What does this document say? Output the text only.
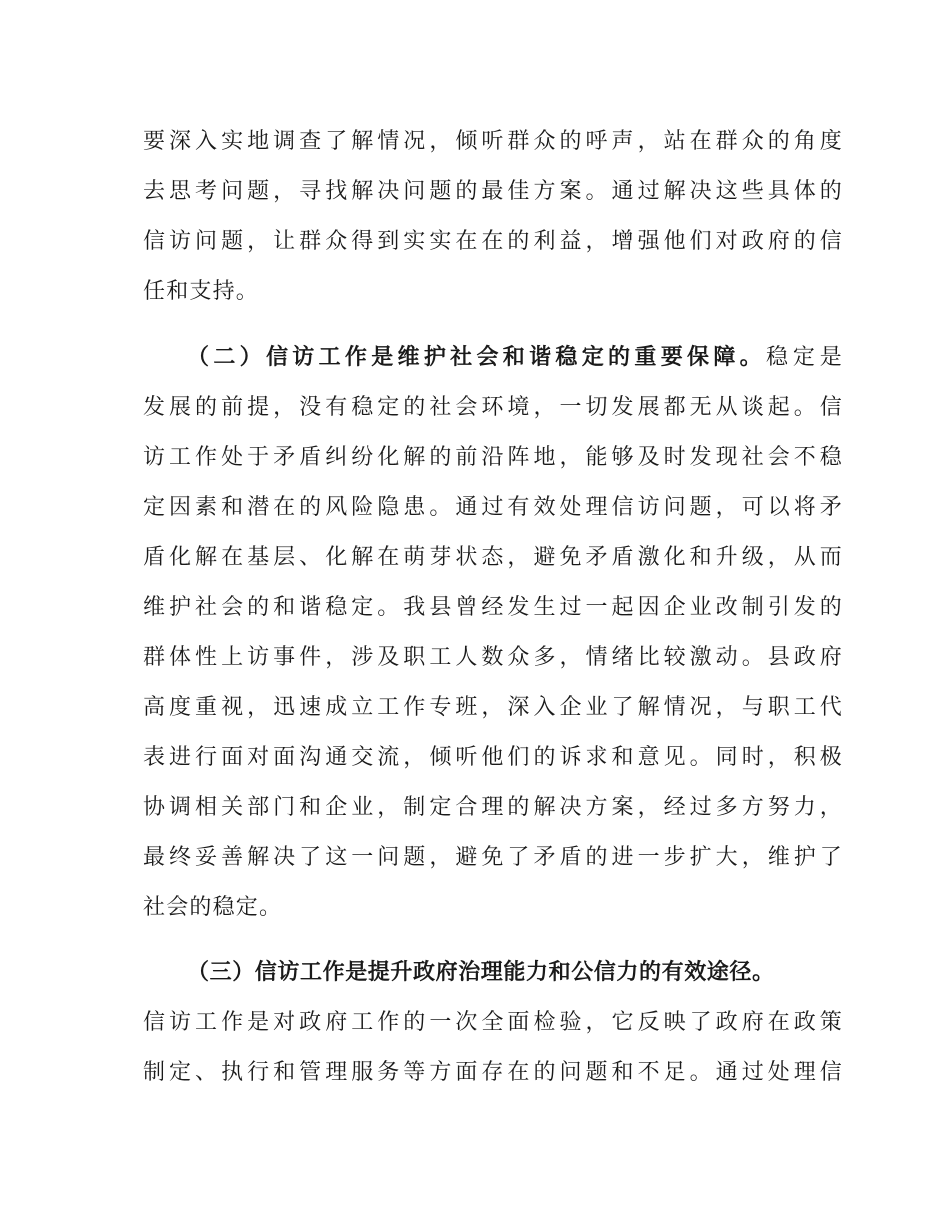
要深入实地调查了解情况，倾听群众的呼声，站在群众的角度
去思考问题，寻找解决问题的最佳方案。通过解决这些具体的
信访问题，让群众得到实实在在的利益，增强他们对政府的信
任和支持。
（二）信访工作是维护社会和谐稳定的重要保障。稳定是
发展的前提，没有稳定的社会环境，一切发展都无从谈起。信
访工作处于矛盾纠纷化解的前沿阵地，能够及时发现社会不稳
定因素和潜在的风险隐患。通过有效处理信访问题，可以将矛
盾化解在基层、化解在萌芽状态，避免矛盾激化和升级，从而
维护社会的和谐稳定。我县曾经发生过一起因企业改制引发的
群体性上访事件，涉及职工人数众多，情绪比较激动。县政府
高度重视，迅速成立工作专班，深入企业了解情况，与职工代
表进行面对面沟通交流，倾听他们的诉求和意见。同时，积极
协调相关部门和企业，制定合理的解决方案，经过多方努力，
最终妥善解决了这一问题，避免了矛盾的进一步扩大，维护了
社会的稳定。
（三）信访工作是提升政府治理能力和公信力的有效途径。
信访工作是对政府工作的一次全面检验，它反映了政府在政策
制定、执行和管理服务等方面存在的问题和不足。通过处理信
